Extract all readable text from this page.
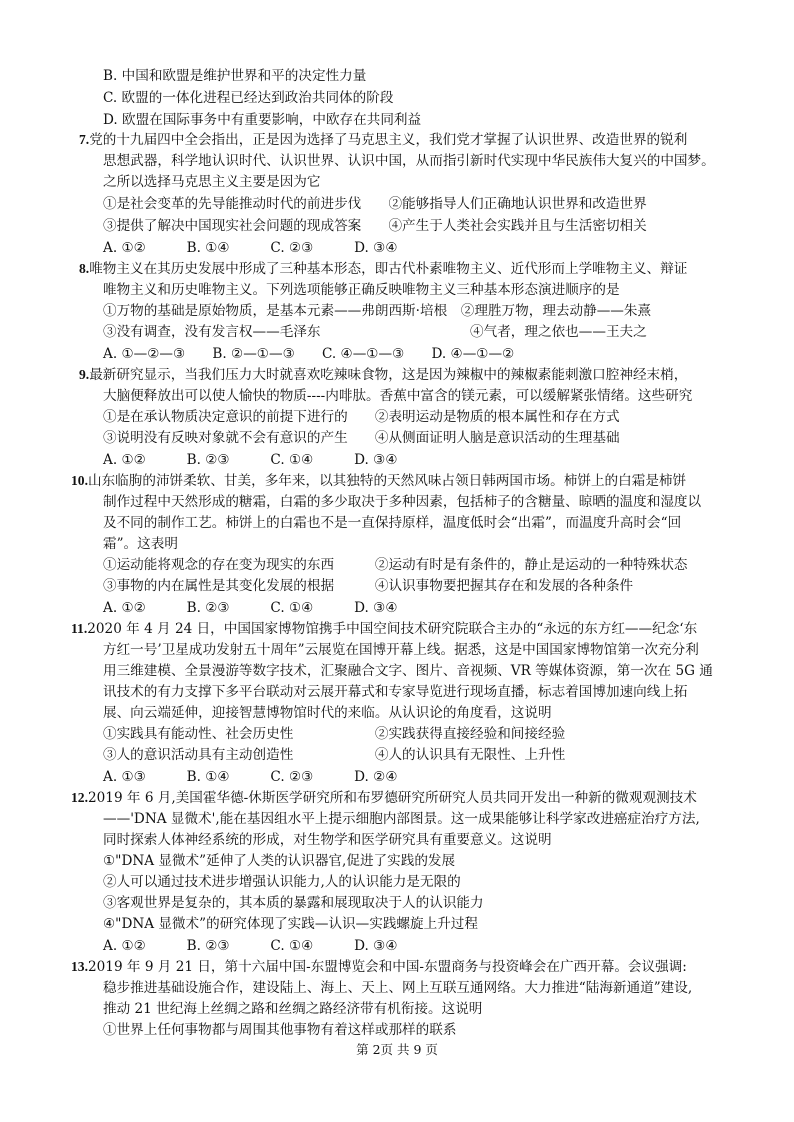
第 2页 共 9 页

B. 中国和欧盟是维护世界和平的决定性力量

C. 欧盟的一体化进程已经达到政治共同体的阶段

D. 欧盟在国际事务中有重要影响，中欧存在共同利益

7.党的十九届四中全会指出，正是因为选择了马克思主义，我们党才掌握了认识世界、改造世界的锐利

思想武器，科学地认识时代、认识世界、认识中国，从而指引新时代实现中华民族伟大复兴的中国梦。

之所以选择马克思主义主要是因为它

①是社会变革的先导能推动时代的前进步伐　　②能够指导人们正确地认识世界和改造世界

③提供了解决中国现实社会问题的现成答案　　④产生于人类社会实践并且与生活密切相关

A. ①②　　　B. ①④　　　C. ②③　　　D. ③④

8.唯物主义在其历史发展中形成了三种基本形态，即古代朴素唯物主义、近代形而上学唯物主义、辩证

唯物主义和历史唯物主义。下列选项能够正确反映唯物主义三种基本形态演进顺序的是

①万物的基础是原始物质，是基本元素——弗朗西斯·培根　②理胜万物，理去动静——朱熹

③没有调查，没有发言权——毛泽东　　　　　　　　　　　④气者，理之依也——王夫之

A. ①—②—③　　B. ②—①—③　　C. ④—①—③　　D. ④—①—②

9.最新研究显示，当我们压力大时就喜欢吃辣味食物，这是因为辣椒中的辣椒素能刺激口腔神经末梢，

大脑便释放出可以使人愉快的物质----内啡肽。香蕉中富含的镁元素，可以缓解紧张情绪。这些研究

①是在承认物质决定意识的前提下进行的　　②表明运动是物质的根本属性和存在方式

③说明没有反映对象就不会有意识的产生　　④从侧面证明人脑是意识活动的生理基础

A. ①②　　　B. ②③　　　C. ①④　　　D. ③④

10.山东临朐的沛饼柔软、甘美，多年来，以其独特的天然风味占领日韩两国市场。柿饼上的白霜是柿饼

制作过程中天然形成的糖霜，白霜的多少取决于多种因素，包括柿子的含糖量、晾晒的温度和湿度以

及不同的制作工艺。柿饼上的白霜也不是一直保持原样，温度低时会“出霜”，而温度升高时会“回

霜”。这表明

①运动能将观念的存在变为现实的东西　　　②运动有时是有条件的，静止是运动的一种特殊状态

③事物的内在属性是其变化发展的根据　　　④认识事物要把握其存在和发展的各种条件

A. ①②　　　B. ②③　　　C. ①④　　　D. ③④

11.2020 年 4 月 24 日，中国国家博物馆携手中国空间技术研究院联合主办的“永远的东方红——纪念‘东

方红一号’卫星成功发射五十周年”云展览在国博开幕上线。据悉，这是中国国家博物馆第一次充分利

用三维建模、全景漫游等数字技术，汇聚融合文字、图片、音视频、VR 等媒体资源，第一次在 5G 通

讯技术的有力支撑下多平台联动对云展开幕式和专家导览进行现场直播，标志着国博加速向线上拓

展、向云端延伸，迎接智慧博物馆时代的来临。从认识论的角度看，这说明

①实践具有能动性、社会历史性　　　　　　②实践获得直接经验和间接经验

③人的意识活动具有主动创造性　　　　　　④人的认识具有无限性、上升性

A. ①③　　　B. ①④　　　C. ②③　　　D. ②④

12.2019 年 6 月,美国霍华德-休斯医学研究所和布罗德研究所研究人员共同开发出一种新的微观观测技术

——'DNA 显微术',能在基因组水平上提示细胞内部图景。这一成果能够让科学家改进癌症治疗方法,

同时探索人体神经系统的形成，对生物学和医学研究具有重要意义。这说明

①"DNA 显微术”延伸了人类的认识器官,促进了实践的发展

②人可以通过技术进步增强认识能力,人的认识能力是无限的

③客观世界是复杂的，其本质的暴露和展现取决于人的认识能力

④"DNA 显微术”的研究体现了实践—认识—实践螺旋上升过程

A. ①②　　　B. ②③　　　C. ①④　　　D. ③④

13.2019 年 9 月 21 日，第十六届中国-东盟博览会和中国-东盟商务与投资峰会在广西开幕。会议强调:

稳步推进基础设施合作，建设陆上、海上、天上、网上互联互通网络。大力推进“陆海新通道”建设,

推动 21 世纪海上丝绸之路和丝绸之路经济带有机衔接。这说明

①世界上任何事物都与周围其他事物有着这样或那样的联系
